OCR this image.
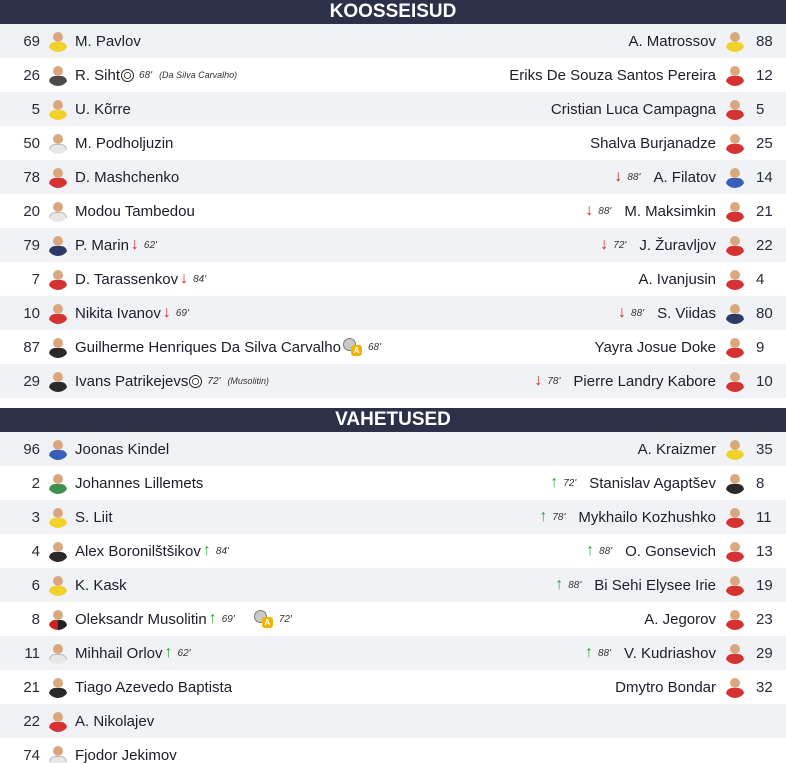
KOOSSEISUD
69 M. Pavlov	A. Matrossov	88
26 R. Siht 68' (Da Silva Carvalho)	Eriks De Souza Santos Pereira	12
5 U. Kõrre	Cristian Luca Campagna	5
50 M. Podholjuzin	Shalva Burjanadze	25
78 D. Mashchenko	↓ 88' A. Filatov	14
20 Modou Tambedou	↓ 88' M. Maksimkin	21
79 P. Marin ↓ 62'	↓ 72' J. Žuravljov	22
7 D. Tarassenkov ↓ 84'	A. Ivanjusin	4
10 Nikita Ivanov ↓ 69'	↓ 88' S. Viidas	80
87 Guilherme Henriques Da Silva Carvalho	A 68'	Yayra Josue Doke	9
29 Ivans Patrikejevs 72' (Musolitin)	↓ 78' Pierre Landry Kabore	10
VAHETUSED
96 Joonas Kindel	A. Kraizmer	35
2 Johannes Lillemets	↑ 72' Stanislav Agaptšev	8
3 S. Liit	↑ 78' Mykhailo Kozhushko	11
4 Alex Boronilštšikov ↑ 84'	↑ 88' O. Gonsevich	13
6 K. Kask	↑ 88' Bi Sehi Elysee Irie	19
8 Oleksandr Musolitin ↑ 69'	A 72'	A. Jegorov	23
11 Mihhail Orlov ↑ 62'	↑ 88' V. Kudriashov	29
21 Tiago Azevedo Baptista	Dmytro Bondar	32
22 A. Nikolajev
74 Fjodor Jekimov
